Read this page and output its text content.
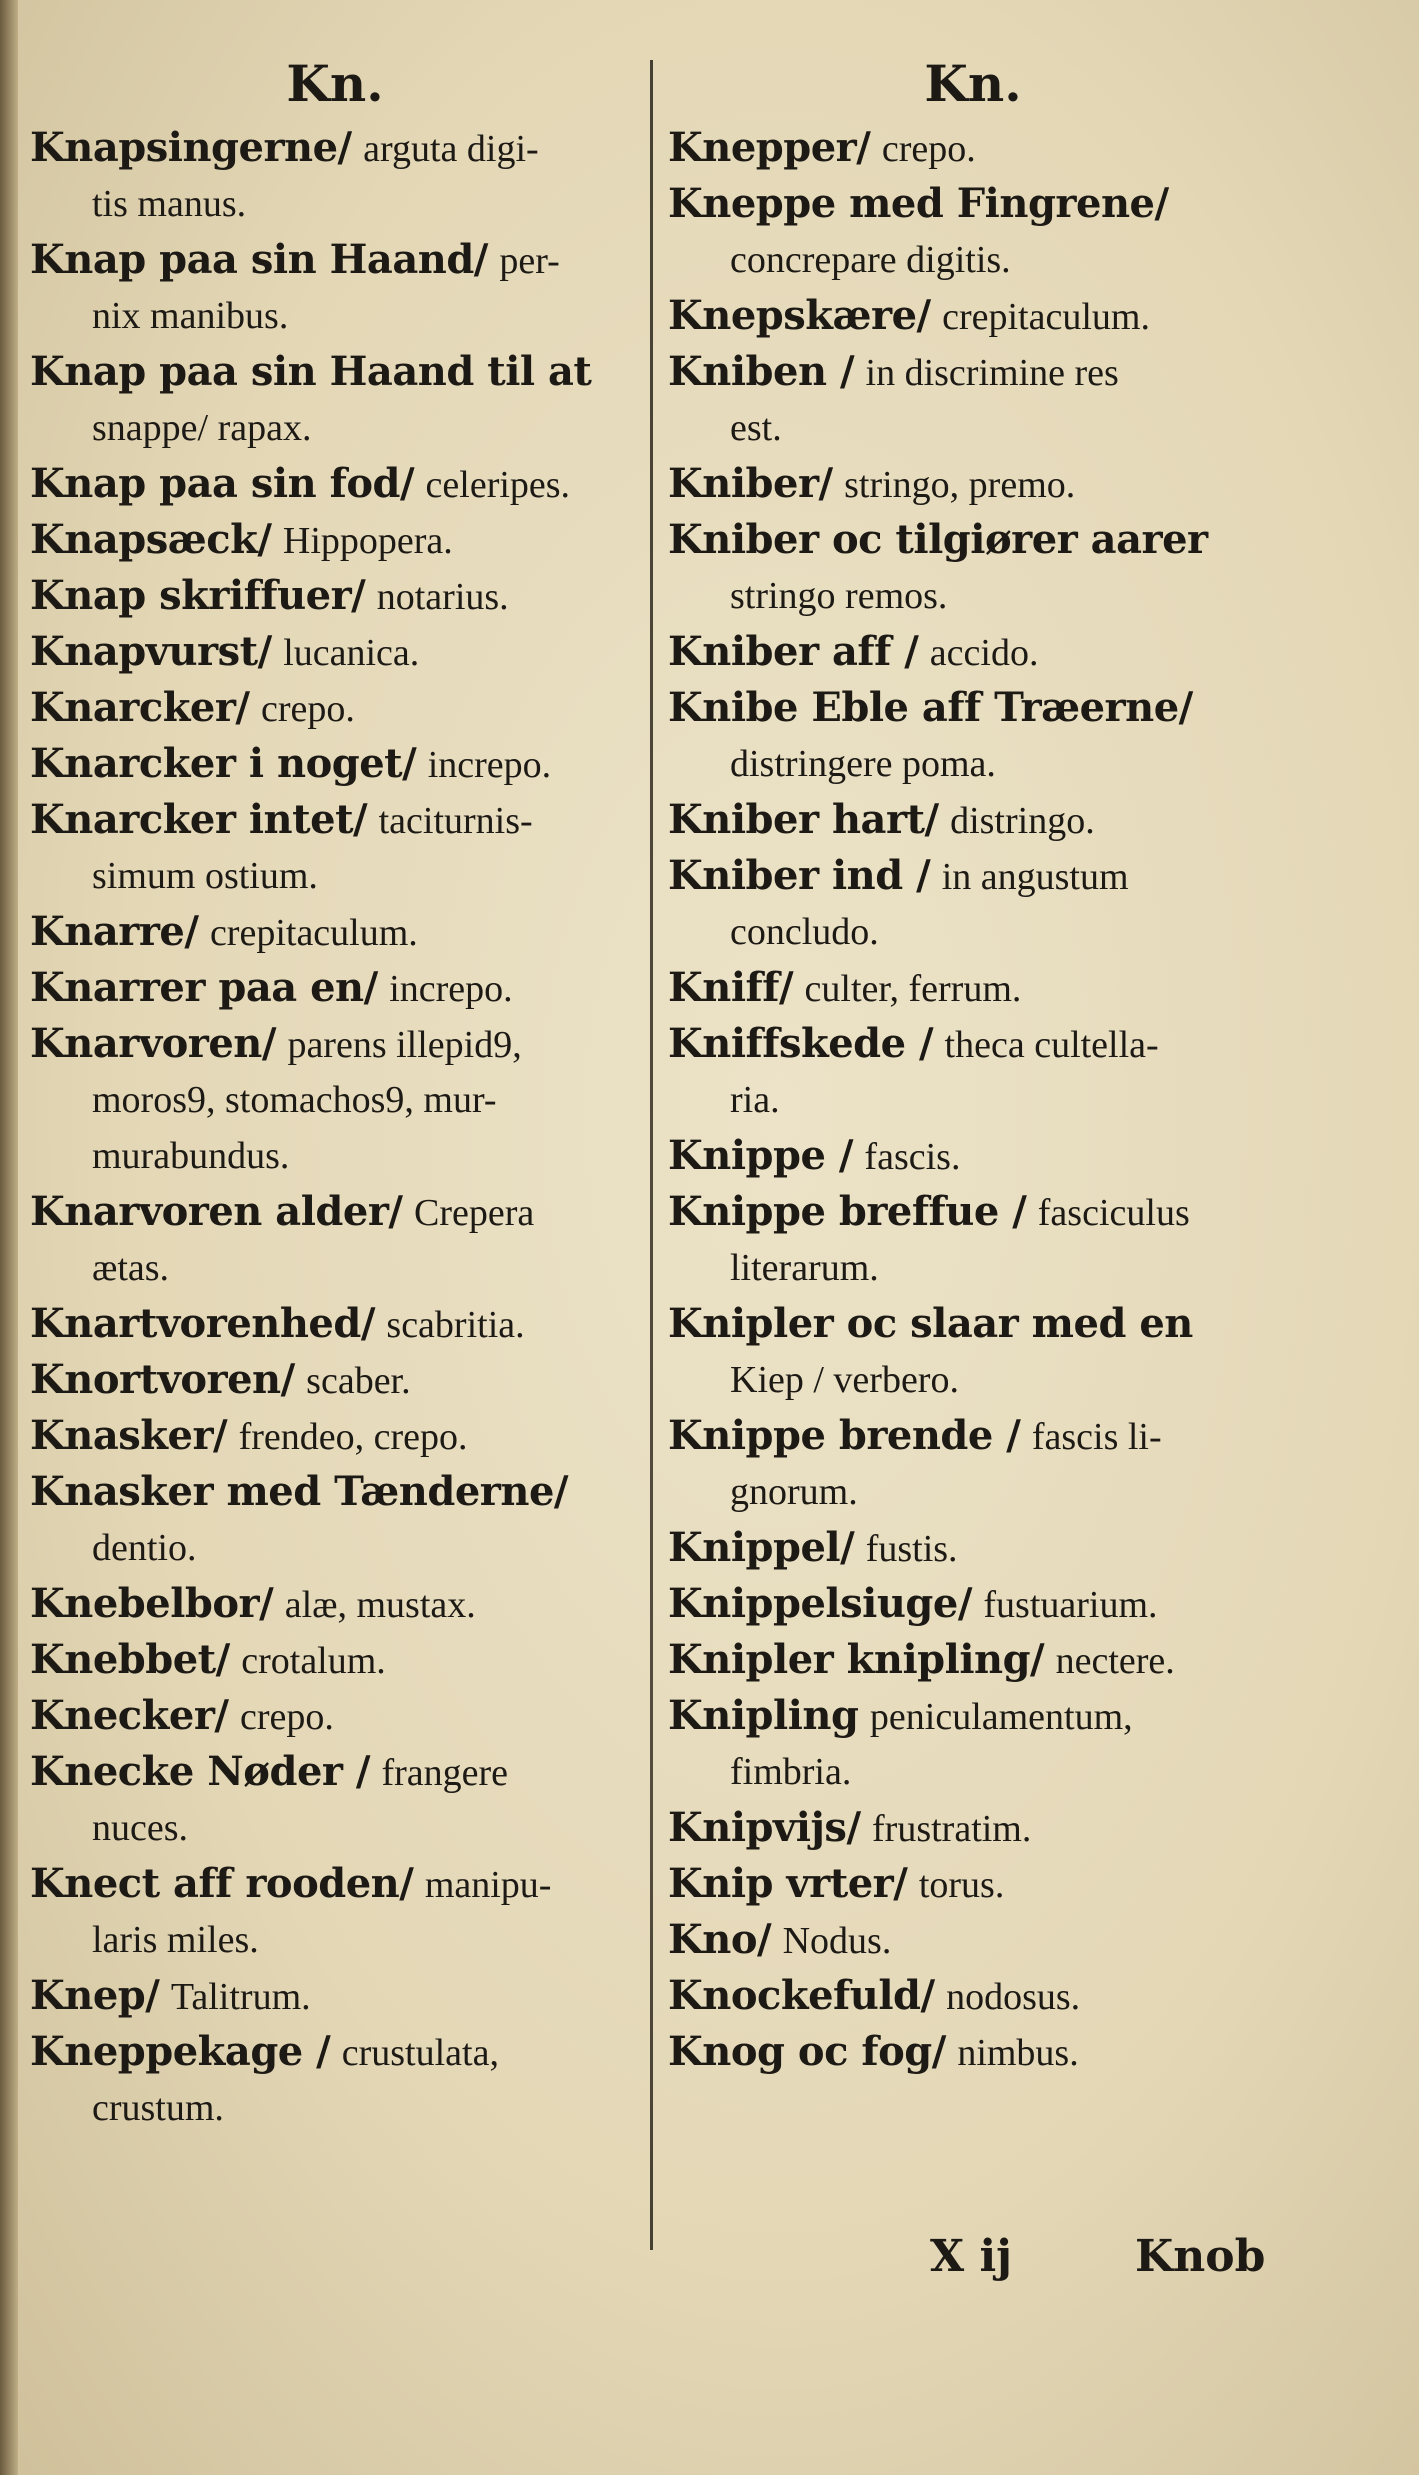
Kn.
Knapsingerne/ arguta digi-
tis manus.
Knap paa sin Haand/ per-
nix manibus.
Knap paa sin Haand til at
snappe/ rapax.
Knap paa sin fod/ celeripes.
Knapsæck/ Hippopera.
Knap skriffuer/ notarius.
Knapvurst/ lucanica.
Knarcker/ crepo.
Knarcker i noget/ increpo.
Knarcker intet/ taciturnis-
simum ostium.
Knarre/ crepitaculum.
Knarrer paa en/ increpo.
Knarvoren/ parens illepid9,
moros9, stomachos9, mur-
murabundus.
Knarvoren alder/ Crepera
ætas.
Knartvorenhed/ scabritia.
Knortvoren/ scaber.
Knasker/ frendeo, crepo.
Knasker med Tænderne/
dentio.
Knebelbor/ alæ, mustax.
Knebbet/ crotalum.
Knecker/ crepo.
Knecke Nøder / frangere
nuces.
Knect aff rooden/ manipu-
laris miles.
Knep/ Talitrum.
Kneppekage / crustulata,
crustum.
Kn.
Knepper/ crepo.
Kneppe med Fingrene/
concrepare digitis.
Knepskære/ crepitaculum.
Kniben / in discrimine res
est.
Kniber/ stringo, premo.
Kniber oc tilgiører aarer
stringo remos.
Kniber aff / accido.
Knibe Eble aff Træerne/
distringere poma.
Kniber hart/ distringo.
Kniber ind / in angustum
concludo.
Kniff/ culter, ferrum.
Kniffskede / theca cultella-
ria.
Knippe / fascis.
Knippe breffue / fasciculus
literarum.
Knipler oc slaar med en
Kiep / verbero.
Knippe brende / fascis li-
gnorum.
Knippel/ fustis.
Knippelsiuge/ fustuarium.
Knipler knipling/ nectere.
Knipling peniculamentum,
fimbria.
Knipvijs/ frustratim.
Knip vrter/ torus.
Kno/ Nodus.
Knockefuld/ nodosus.
Knog oc fog/ nimbus.
X ij	Knob
